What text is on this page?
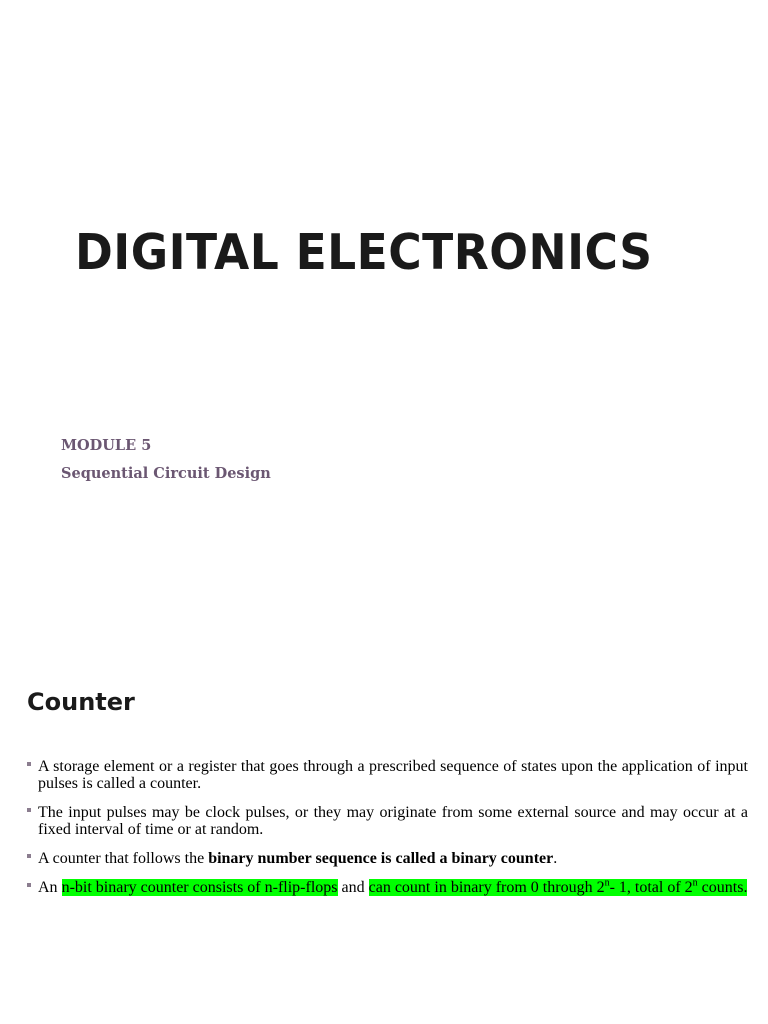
DIGITAL ELECTRONICS
MODULE 5
Sequential Circuit Design
Counter
A storage element or a register that goes through a prescribed sequence of states upon the application of input pulses is called a counter.
The input pulses may be clock pulses, or they may originate from some external source and may occur at a fixed interval of time or at random.
A counter that follows the binary number sequence is called a binary counter.
An n-bit binary counter consists of n-flip-flops and can count in binary from 0 through 2$^n$- 1, total of 2$^n$ counts.
